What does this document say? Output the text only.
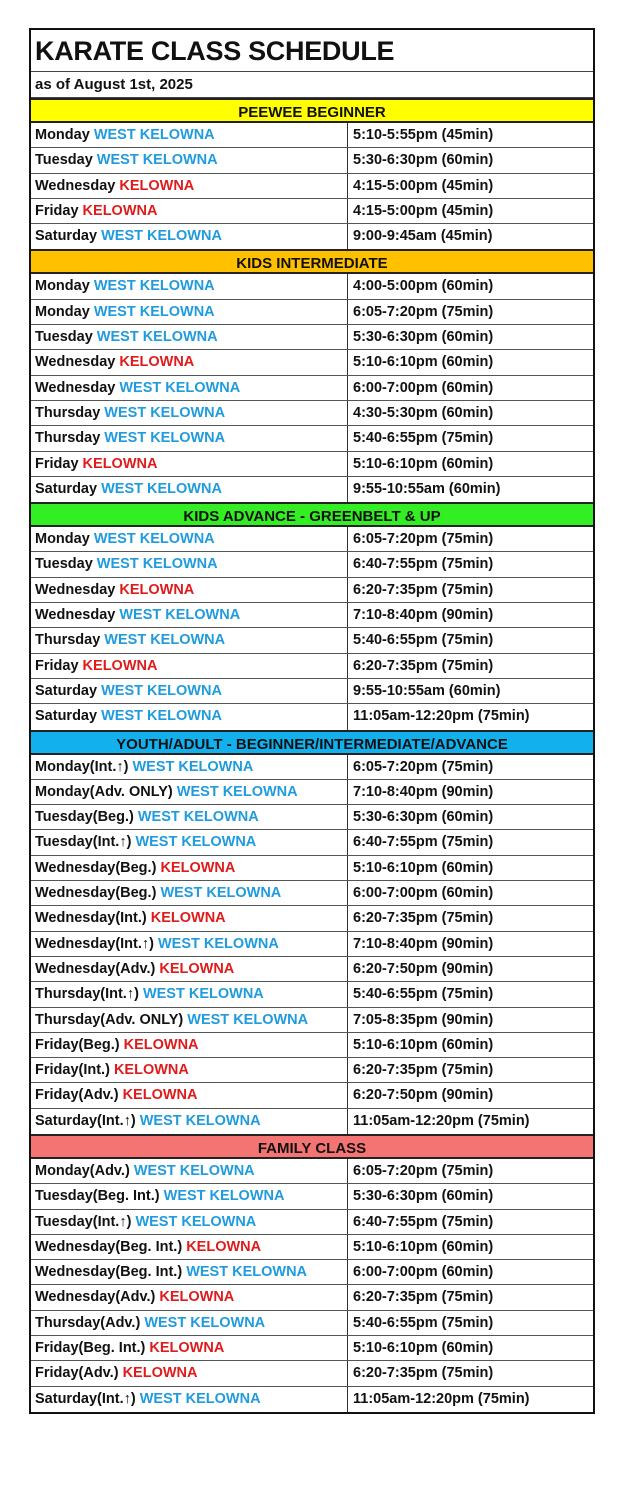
KARATE CLASS SCHEDULE
as of August 1st, 2025
PEEWEE BEGINNER
Monday WEST KELOWNA	5:10-5:55pm (45min)
Tuesday WEST KELOWNA	5:30-6:30pm (60min)
Wednesday KELOWNA	4:15-5:00pm (45min)
Friday KELOWNA	4:15-5:00pm (45min)
Saturday WEST KELOWNA	9:00-9:45am (45min)
KIDS INTERMEDIATE
Monday WEST KELOWNA	4:00-5:00pm (60min)
Monday WEST KELOWNA	6:05-7:20pm (75min)
Tuesday WEST KELOWNA	5:30-6:30pm (60min)
Wednesday KELOWNA	5:10-6:10pm (60min)
Wednesday WEST KELOWNA	6:00-7:00pm (60min)
Thursday WEST KELOWNA	4:30-5:30pm (60min)
Thursday WEST KELOWNA	5:40-6:55pm (75min)
Friday KELOWNA	5:10-6:10pm (60min)
Saturday WEST KELOWNA	9:55-10:55am (60min)
KIDS ADVANCE - GREENBELT & UP
Monday WEST KELOWNA	6:05-7:20pm (75min)
Tuesday WEST KELOWNA	6:40-7:55pm (75min)
Wednesday KELOWNA	6:20-7:35pm (75min)
Wednesday WEST KELOWNA	7:10-8:40pm (90min)
Thursday WEST KELOWNA	5:40-6:55pm (75min)
Friday KELOWNA	6:20-7:35pm (75min)
Saturday WEST KELOWNA	9:55-10:55am (60min)
Saturday WEST KELOWNA	11:05am-12:20pm (75min)
YOUTH/ADULT - BEGINNER/INTERMEDIATE/ADVANCE
Monday(Int.↑) WEST KELOWNA	6:05-7:20pm (75min)
Monday(Adv. ONLY) WEST KELOWNA	7:10-8:40pm (90min)
Tuesday(Beg.) WEST KELOWNA	5:30-6:30pm (60min)
Tuesday(Int.↑) WEST KELOWNA	6:40-7:55pm (75min)
Wednesday(Beg.) KELOWNA	5:10-6:10pm (60min)
Wednesday(Beg.) WEST KELOWNA	6:00-7:00pm (60min)
Wednesday(Int.) KELOWNA	6:20-7:35pm (75min)
Wednesday(Int.↑) WEST KELOWNA	7:10-8:40pm (90min)
Wednesday(Adv.) KELOWNA	6:20-7:50pm (90min)
Thursday(Int.↑) WEST KELOWNA	5:40-6:55pm (75min)
Thursday(Adv. ONLY) WEST KELOWNA	7:05-8:35pm (90min)
Friday(Beg.) KELOWNA	5:10-6:10pm (60min)
Friday(Int.) KELOWNA	6:20-7:35pm (75min)
Friday(Adv.) KELOWNA	6:20-7:50pm (90min)
Saturday(Int.↑) WEST KELOWNA	11:05am-12:20pm (75min)
FAMILY CLASS
Monday(Adv.) WEST KELOWNA	6:05-7:20pm (75min)
Tuesday(Beg. Int.) WEST KELOWNA	5:30-6:30pm (60min)
Tuesday(Int.↑) WEST KELOWNA	6:40-7:55pm (75min)
Wednesday(Beg. Int.) KELOWNA	5:10-6:10pm (60min)
Wednesday(Beg. Int.) WEST KELOWNA	6:00-7:00pm (60min)
Wednesday(Adv.) KELOWNA	6:20-7:35pm (75min)
Thursday(Adv.) WEST KELOWNA	5:40-6:55pm (75min)
Friday(Beg. Int.) KELOWNA	5:10-6:10pm (60min)
Friday(Adv.) KELOWNA	6:20-7:35pm (75min)
Saturday(Int.↑) WEST KELOWNA	11:05am-12:20pm (75min)
